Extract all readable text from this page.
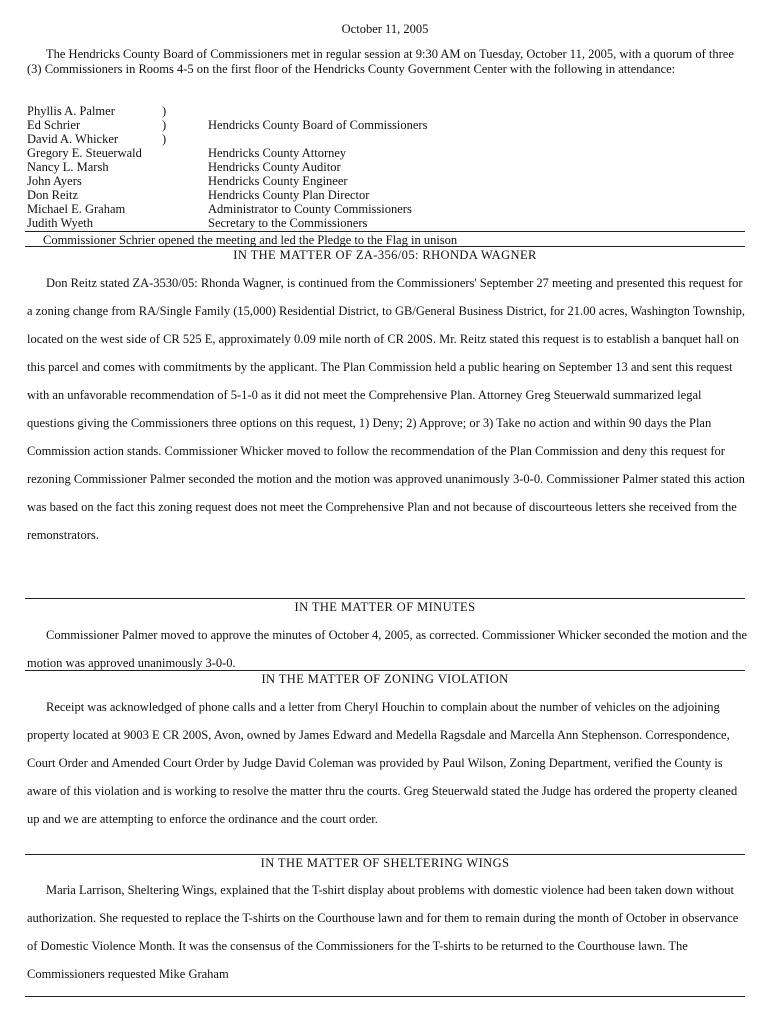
October 11, 2005
The Hendricks County Board of Commissioners met in regular session at 9:30 AM on Tuesday, October 11, 2005, with a quorum of three (3) Commissioners in Rooms 4-5 on the first floor of the Hendricks County Government Center with the following in attendance:
Phyllis A. Palmer	)
Ed Schrier	)	Hendricks County Board of Commissioners
David A. Whicker	)
Gregory E. Steuerwald	Hendricks County Attorney
Nancy L. Marsh	Hendricks County Auditor
John Ayers	Hendricks County Engineer
Don Reitz	Hendricks County Plan Director
Michael E. Graham	Administrator to County Commissioners
Judith Wyeth	Secretary to the Commissioners
Commissioner Schrier opened the meeting and led the Pledge to the Flag in unison
IN THE MATTER OF ZA-356/05: RHONDA WAGNER
Don Reitz stated ZA-3530/05: Rhonda Wagner, is continued from the Commissioners' September 27 meeting and presented this request for a zoning change from RA/Single Family (15,000) Residential District, to GB/General Business District, for 21.00 acres, Washington Township, located on the west side of CR 525 E, approximately 0.09 mile north of CR 200S. Mr. Reitz stated this request is to establish a banquet hall on this parcel and comes with commitments by the applicant. The Plan Commission held a public hearing on September 13 and sent this request with an unfavorable recommendation of 5-1-0 as it did not meet the Comprehensive Plan. Attorney Greg Steuerwald summarized legal questions giving the Commissioners three options on this request, 1) Deny; 2) Approve; or 3) Take no action and within 90 days the Plan Commission action stands. Commissioner Whicker moved to follow the recommendation of the Plan Commission and deny this request for rezoning Commissioner Palmer seconded the motion and the motion was approved unanimously 3-0-0. Commissioner Palmer stated this action was based on the fact this zoning request does not meet the Comprehensive Plan and not because of discourteous letters she received from the remonstrators.
IN THE MATTER OF MINUTES
Commissioner Palmer moved to approve the minutes of October 4, 2005, as corrected. Commissioner Whicker seconded the motion and the motion was approved unanimously 3-0-0.
IN THE MATTER OF ZONING VIOLATION
Receipt was acknowledged of phone calls and a letter from Cheryl Houchin to complain about the number of vehicles on the adjoining property located at 9003 E CR 200S, Avon, owned by James Edward and Medella Ragsdale and Marcella Ann Stephenson. Correspondence, Court Order and Amended Court Order by Judge David Coleman was provided by Paul Wilson, Zoning Department, verified the County is aware of this violation and is working to resolve the matter thru the courts. Greg Steuerwald stated the Judge has ordered the property cleaned up and we are attempting to enforce the ordinance and the court order.
IN THE MATTER OF SHELTERING WINGS
Maria Larrison, Sheltering Wings, explained that the T-shirt display about problems with domestic violence had been taken down without authorization. She requested to replace the T-shirts on the Courthouse lawn and for them to remain during the month of October in observance of Domestic Violence Month. It was the consensus of the Commissioners for the T-shirts to be returned to the Courthouse lawn. The Commissioners requested Mike Graham
